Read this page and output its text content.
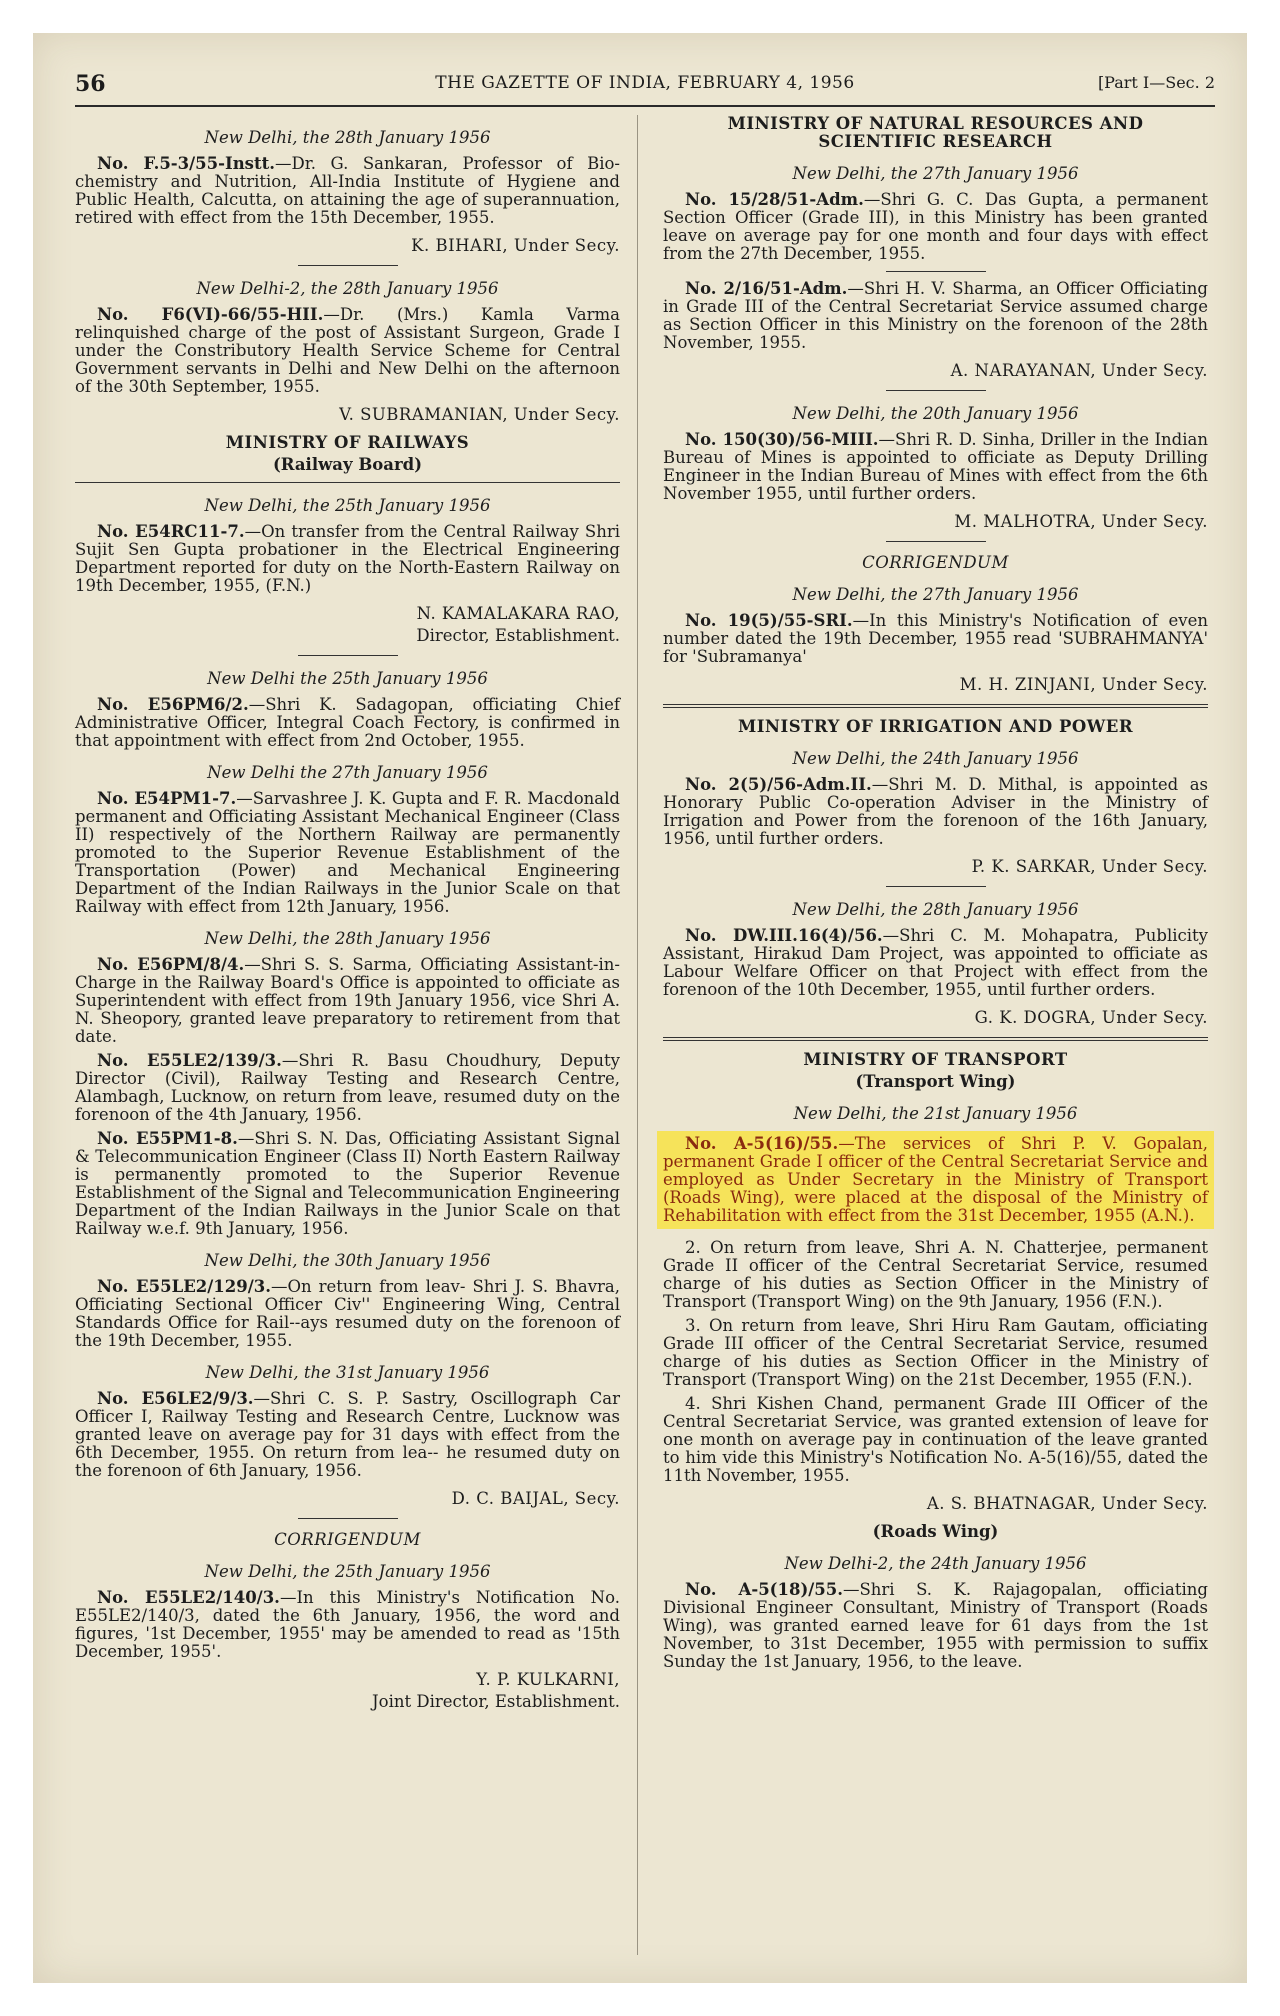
56	THE GAZETTE OF INDIA, FEBRUARY 4, 1956	[Part I—Sec. 2
New Delhi, the 28th January 1956

No. F.5-3/55-Instt.—Dr. G. Sankaran, Professor of Bio-chemistry and Nutrition, All-India Institute of Hygiene and Public Health, Calcutta, on attaining the age of superannuation, retired with effect from the 15th December, 1955.

K. BIHARI, Under Secy.
New Delhi-2, the 28th January 1956

No. F6(VI)-66/55-HII.—Dr. (Mrs.) Kamla Varma relinquished charge of the post of Assistant Surgeon, Grade I under the Constributory Health Service Scheme for Central Government servants in Delhi and New Delhi on the afternoon of the 30th September, 1955.

V. SUBRAMANIAN, Under Secy.
MINISTRY OF RAILWAYS
(Railway Board)
New Delhi, the 25th January 1956

No. E54RC11-7.—On transfer from the Central Railway Shri Sujit Sen Gupta probationer in the Electrical Engineering Department reported for duty on the North-Eastern Railway on 19th December, 1955, (F.N.)

N. KAMALAKARA RAO,
Director, Establishment.
New Delhi the 25th January 1956

No. E56PM6/2.—Shri K. Sadagopan, officiating Chief Administrative Officer, Integral Coach Fectory, is confirmed in that appointment with effect from 2nd October, 1955.

New Delhi the 27th January 1956

No. E54PM1-7.—Sarvashree J. K. Gupta and F. R. Macdonald permanent and Officiating Assistant Mechanical Engineer (Class II) respectively of the Northern Railway are permanently promoted to the Superior Revenue Establishment of the Transportation (Power) and Mechanical Engineering Department of the Indian Railways in the Junior Scale on that Railway with effect from 12th January, 1956.

New Delhi, the 28th January 1956

No. E56PM/8/4.—Shri S. S. Sarma, Officiating Assistant-in-Charge in the Railway Board's Office is appointed to officiate as Superintendent with effect from 19th January 1956, vice Shri A. N. Sheopory, granted leave preparatory to retirement from that date.

No. E55LE2/139/3.—Shri R. Basu Choudhury, Deputy Director (Civil), Railway Testing and Research Centre, Alambagh, Lucknow, on return from leave, resumed duty on the forenoon of the 4th January, 1956.

No. E55PM1-8.—Shri S. N. Das, Officiating Assistant Signal & Telecommunication Engineer (Class II) North Eastern Railway is permanently promoted to the Superior Revenue Establishment of the Signal and Telecommunication Engineering Department of the Indian Railways in the Junior Scale on that Railway w.e.f. 9th January, 1956.

New Delhi, the 30th January 1956

No. E55LE2/129/3.—On return from leav- Shri J. S. Bhavra, Officiating Sectional Officer Civ'' Engineering Wing, Central Standards Office for Rail--ays resumed duty on the forenoon of the 19th December, 1955.

New Delhi, the 31st January 1956

No. E56LE2/9/3.—Shri C. S. P. Sastry, Oscillograph Car Officer I, Railway Testing and Research Centre, Lucknow was granted leave on average pay for 31 days with effect from the 6th December, 1955. On return from lea-- he resumed duty on the forenoon of 6th January, 1956.

D. C. BAIJAL, Secy.
CORRIGENDUM
New Delhi, the 25th January 1956

No. E55LE2/140/3.—In this Ministry's Notification No. E55LE2/140/3, dated the 6th January, 1956, the word and figures, '1st December, 1955' may be amended to read as '15th December, 1955'.

Y. P. KULKARNI,
Joint Director, Establishment.
MINISTRY OF NATURAL RESOURCES AND
SCIENTIFIC RESEARCH
New Delhi, the 27th January 1956

No. 15/28/51-Adm.—Shri G. C. Das Gupta, a permanent Section Officer (Grade III), in this Ministry has been granted leave on average pay for one month and four days with effect from the 27th December, 1955.

No. 2/16/51-Adm.—Shri H. V. Sharma, an Officer Officiating in Grade III of the Central Secretariat Service assumed charge as Section Officer in this Ministry on the forenoon of the 28th November, 1955.

A. NARAYANAN, Under Secy.
New Delhi, the 20th January 1956

No. 150(30)/56-MIII.—Shri R. D. Sinha, Driller in the Indian Bureau of Mines is appointed to officiate as Deputy Drilling Engineer in the Indian Bureau of Mines with effect from the 6th November 1955, until further orders.

M. MALHOTRA, Under Secy.
CORRIGENDUM
New Delhi, the 27th January 1956

No. 19(5)/55-SRI.—In this Ministry's Notification of even number dated the 19th December, 1955 read 'SUBRAHMANYA' for 'Subramanya'

M. H. ZINJANI, Under Secy.
MINISTRY OF IRRIGATION AND POWER
New Delhi, the 24th January 1956

No. 2(5)/56-Adm.II.—Shri M. D. Mithal, is appointed as Honorary Public Co-operation Adviser in the Ministry of Irrigation and Power from the forenoon of the 16th January, 1956, until further orders.

P. K. SARKAR, Under Secy.
New Delhi, the 28th January 1956

No. DW.III.16(4)/56.—Shri C. M. Mohapatra, Publicity Assistant, Hirakud Dam Project, was appointed to officiate as Labour Welfare Officer on that Project with effect from the forenoon of the 10th December, 1955, until further orders.

G. K. DOGRA, Under Secy.
MINISTRY OF TRANSPORT
(Transport Wing)
New Delhi, the 21st January 1956

No. A-5(16)/55.—The services of Shri P. V. Gopalan, permanent Grade I officer of the Central Secretariat Service and employed as Under Secretary in the Ministry of Transport (Roads Wing), were placed at the disposal of the Ministry of Rehabilitation with effect from the 31st December, 1955 (A.N.).

2. On return from leave, Shri A. N. Chatterjee, permanent Grade II officer of the Central Secretariat Service, resumed charge of his duties as Section Officer in the Ministry of Transport (Transport Wing) on the 9th January, 1956 (F.N.).

3. On return from leave, Shri Hiru Ram Gautam, officiating Grade III officer of the Central Secretariat Service, resumed charge of his duties as Section Officer in the Ministry of Transport (Transport Wing) on the 21st December, 1955 (F.N.).

4. Shri Kishen Chand, permanent Grade III Officer of the Central Secretariat Service, was granted extension of leave for one month on average pay in continuation of the leave granted to him vide this Ministry's Notification No. A-5(16)/55, dated the 11th November, 1955.

A. S. BHATNAGAR, Under Secy.
(Roads Wing)
New Delhi-2, the 24th January 1956

No. A-5(18)/55.—Shri S. K. Rajagopalan, officiating Divisional Engineer Consultant, Ministry of Transport (Roads Wing), was granted earned leave for 61 days from the 1st November, to 31st December, 1955 with permission to suffix Sunday the 1st January, 1956, to the leave.
